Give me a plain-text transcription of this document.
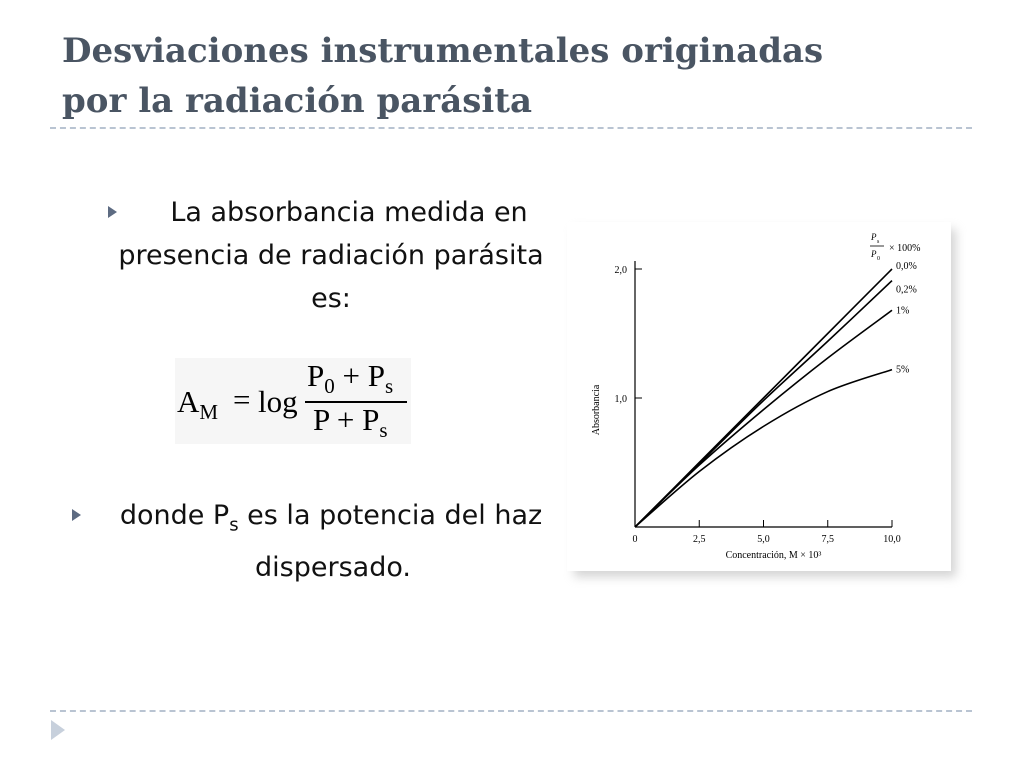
Desviaciones instrumentales originadas
por la radiación parásita
La absorbancia medida en
presencia de radiación parásita
es:
$A_M = \log$
$P_0 + P_s$
$P + P_s$
donde $P_s$ es la potencia del haz
dispersado.
0	2,5	5,0	7,5	10,0
1,0
2,0
Concentración, M × 10³
Absorbancia
0,0%
0,2%
1%
5%
P s
P 0
× 100%
